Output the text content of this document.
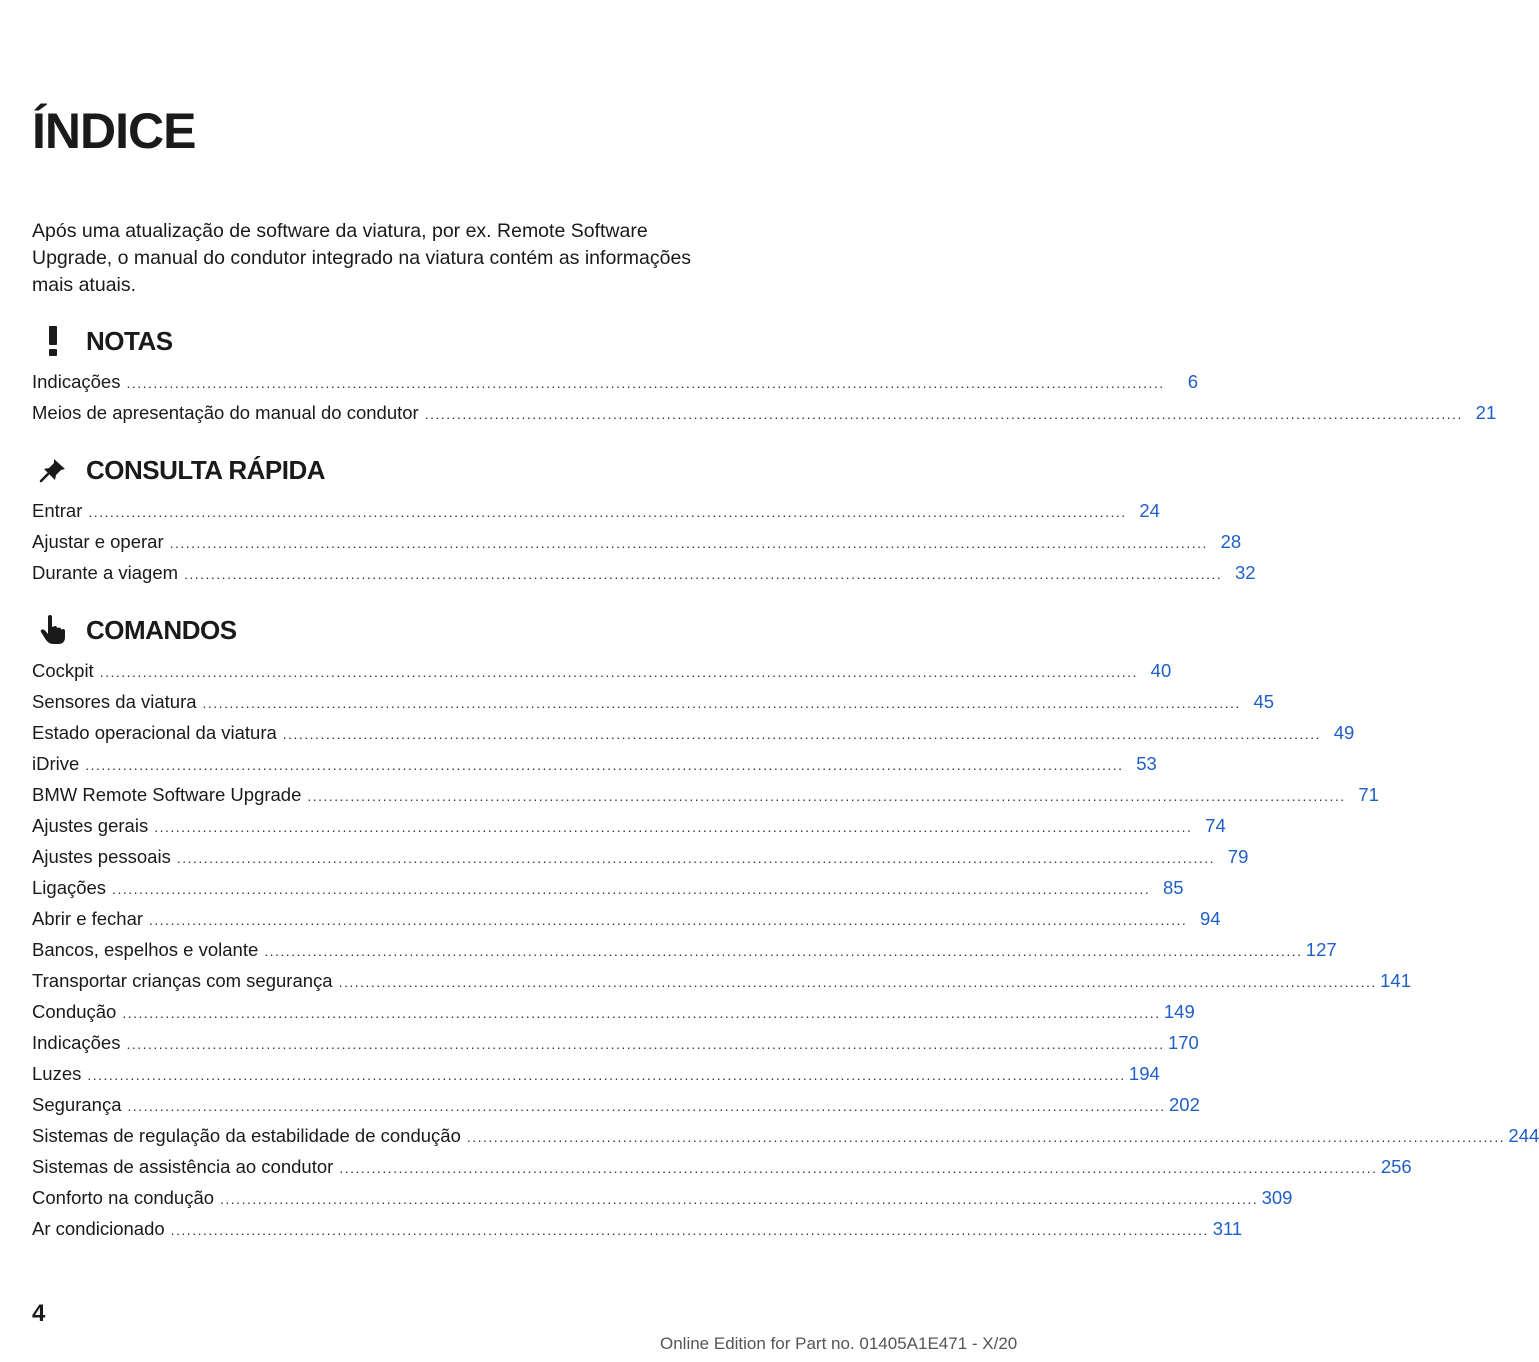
ÍNDICE

Após uma atualização de software da viatura, por ex. Remote Software Upgrade, o manual do condutor integrado na viatura contém as informações mais atuais.

NOTAS
Indicações . . .	6
Meios de apresentação do manual do condutor . . .	21
CONSULTA RÁPIDA
Entrar . . .	24
Ajustar e operar . . .	28
Durante a viagem . . .	32
COMANDOS
Cockpit . . .	40
Sensores da viatura . . .	45
Estado operacional da viatura . . .	49
iDrive . . .	53
BMW Remote Software Upgrade . . .	71
Ajustes gerais . . .	74
Ajustes pessoais . . .	79
Ligações . . .	85
Abrir e fechar . . .	94
Bancos, espelhos e volante . . .	127
Transportar crianças com segurança . . .	141
Condução . . .	149
Indicações . . .	170
Luzes . . .	194
Segurança . . .	202
Sistemas de regulação da estabilidade de condução . . .	244
Sistemas de assistência ao condutor . . .	256
Conforto na condução . . .	309
Ar condicionado . . .	311
4
Online Edition for Part no. 01405A1E471 - X/20
